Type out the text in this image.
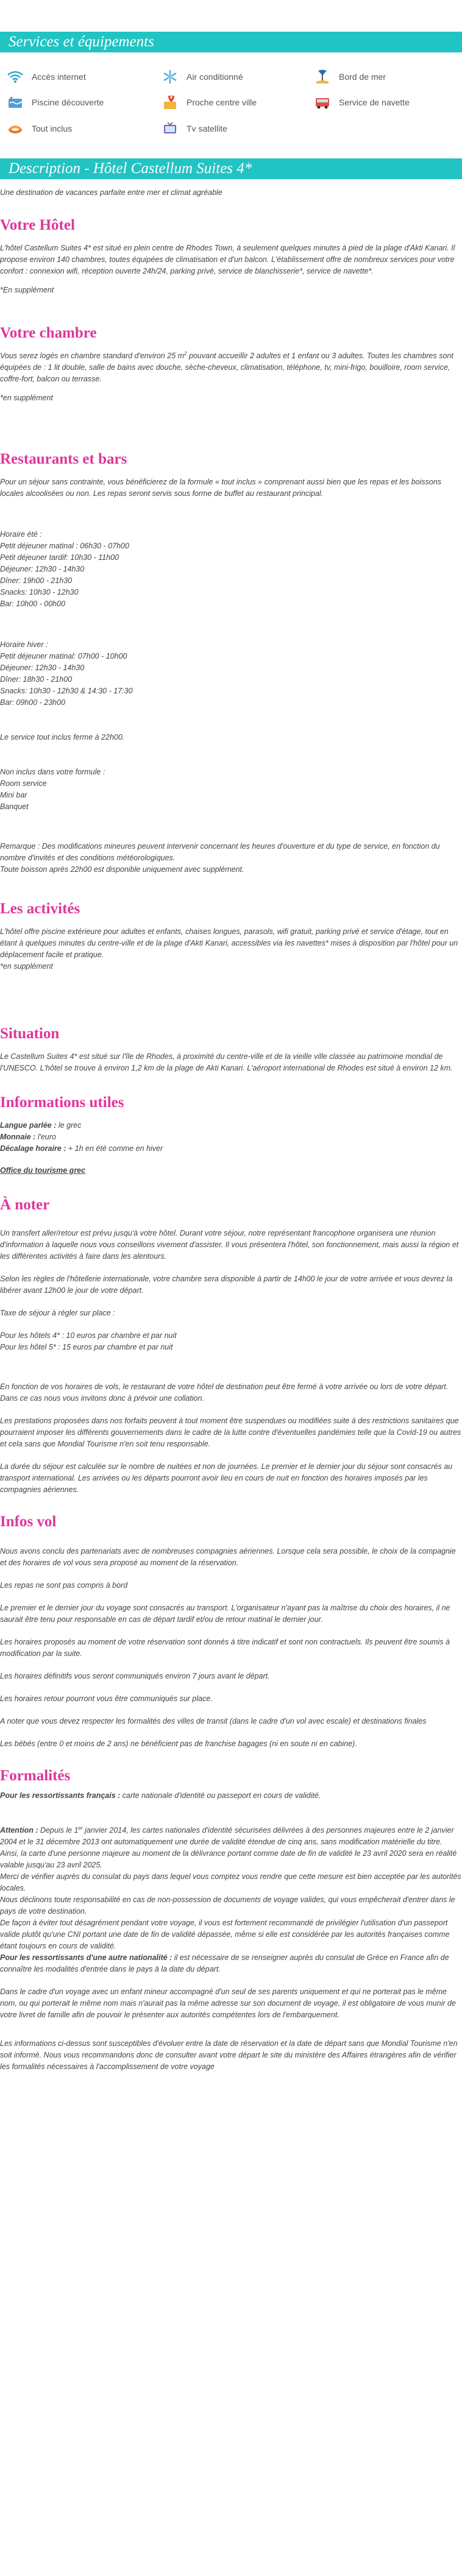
Services et équipements
Accès internet	Air conditionné	Bord de mer
Piscine découverte	Proche centre ville	Service de navette
Tout inclus	Tv satellite
Description - Hôtel Castellum Suites 4*

Une destination de vacances parfaite entre mer et climat agréable

Votre Hôtel

L'hôtel Castellum Suites 4* est situé en plein centre de Rhodes Town, à seulement quelques minutes à pied de la plage d'Akti Kanari. Il propose environ 140 chambres, toutes équipées de climatisation et d'un balcon. L'établissement offre de nombreux services pour votre confort : connexion wifi, réception ouverte 24h/24, parking privé, service de blanchisserie*, service de navette*.

*En supplément

Votre chambre

Vous serez logés en chambre standard d'environ 25 $m^2$ pouvant accueillir 2 adultes et 1 enfant ou 3 adultes. Toutes les chambres sont équipées de : 1 lit double, salle de bains avec douche, sèche-cheveux, climatisation, téléphone, tv, mini-frigo, bouilloire, room service, coffre-fort, balcon ou terrasse.

*en supplément

Restaurants et bars

Pour un séjour sans contrainte, vous bénéficierez de la formule « tout inclus » comprenant aussi bien que les repas et les boissons locales alcoolisées ou non. Les repas seront servis sous forme de buffet au restaurant principal.

Horaire été :

Petit déjeuner matinal : 06h30 - 07h00

Petit déjeuner tardif: 10h30 - 11h00

Déjeuner: 12h30 - 14h30

Dîner: 19h00 - 21h30

Snacks: 10h30 - 12h30

Bar: 10h00 - 00h00

Horaire hiver :

Petit déjeuner matinal: 07h00 - 10h00

Déjeuner: 12h30 - 14h30

Dîner: 18h30 - 21h00

Snacks: 10h30 - 12h30 & 14:30 - 17:30

Bar: 09h00 - 23h00

Le service tout inclus ferme à 22h00.

Non inclus dans votre formule :

Room service

Mini bar

Banquet

Remarque : Des modifications mineures peuvent intervenir concernant les heures d'ouverture et du type de service, en fonction du nombre d'invités et des conditions météorologiques.

Toute boisson après 22h00 est disponible uniquement avec supplément.

Les activités

L'hôtel offre piscine extérieure pour adultes et enfants, chaises longues, parasols, wifi gratuit, parking privé et service d'étage, tout en étant à quelques minutes du centre-ville et de la plage d'Akti Kanari, accessibles via les navettes* mises à disposition par l'hôtel pour un déplacement facile et pratique.

*en supplément

Situation

Le Castellum Suites 4* est situé sur l'île de Rhodes, à proximité du centre-ville et de la vieille ville classée au patrimoine mondial de l'UNESCO. L'hôtel se trouve à environ 1,2 km de la plage de Akti Kanari. L'aéroport international de Rhodes est situé à environ 12 km.

Informations utiles

Langue parlée : le grec

Monnaie : l'euro

Décalage horaire : + 1h en été comme en hiver

Office du tourisme grec

À noter

Un transfert aller/retour est prévu jusqu'à votre hôtel. Durant votre séjour, notre représentant francophone organisera une réunion d'information à laquelle nous vous conseillons vivement d'assister. Il vous présentera l'hôtel, son fonctionnement, mais aussi la région et les différentes activités à faire dans les alentours.

Selon les règles de l'hôtellerie internationale, votre chambre sera disponible à partir de 14h00 le jour de votre arrivée et vous devrez la libérer avant 12h00 le jour de votre départ.

Taxe de séjour à régler sur place :

Pour les hôtels 4* : 10 euros par chambre et par nuit

Pour les hôtel 5* : 15 euros par chambre et par nuit

En fonction de vos horaires de vols, le restaurant de votre hôtel de destination peut être fermé à votre arrivée ou lors de votre départ. Dans ce cas nous vous invitons donc à prévoir une collation.

Les prestations proposées dans nos forfaits peuvent à tout moment être suspendues ou modifiées suite à des restrictions sanitaires que pourraient imposer les différents gouvernements dans le cadre de la lutte contre d'éventuelles pandémies telle que la Covid-19 ou autres et cela sans que Mondial Tourisme n'en soit tenu responsable.

La durée du séjour est calculée sur le nombre de nuitées et non de journées. Le premier et le dernier jour du séjour sont consacrés au transport international. Les arrivées ou les départs pourront avoir lieu en cours de nuit en fonction des horaires imposés par les compagnies aériennes.

Infos vol

Nous avons conclu des partenariats avec de nombreuses compagnies aériennes. Lorsque cela sera possible, le choix de la compagnie et des horaires de vol vous sera proposé au moment de la réservation.

Les repas ne sont pas compris à bord

Le premier et le dernier jour du voyage sont consacrés au transport. L'organisateur n'ayant pas la maîtrise du choix des horaires, il ne saurait être tenu pour responsable en cas de départ tardif et/ou de retour matinal le dernier jour.

Les horaires proposés au moment de votre réservation sont donnés à titre indicatif et sont non contractuels. Ils peuvent être soumis à modification par la suite.

Les horaires définitifs vous seront communiqués environ 7 jours avant le départ.

Les horaires retour pourront vous être communiqués sur place.

A noter que vous devez respecter les formalités des villes de transit (dans le cadre d'un vol avec escale) et destinations finales

Les bébés (entre 0 et moins de 2 ans) ne bénéficient pas de franchise bagages (ni en soute ni en cabine).

Formalités

Pour les ressortissants français : carte nationale d'identité ou passeport en cours de validité.

Attention : Depuis le 1er janvier 2014, les cartes nationales d'identité sécurisées délivrées à des personnes majeures entre le 2 janvier 2004 et le 31 décembre 2013 ont automatiquement une durée de validité étendue de cinq ans, sans modification matérielle du titre. Ainsi, la carte d'une personne majeure au moment de la délivrance portant comme date de fin de validité le 23 avril 2020 sera en réalité valable jusqu'au 23 avril 2025.

Merci de vérifier auprès du consulat du pays dans lequel vous comptez vous rendre que cette mesure est bien acceptée par les autorités locales.

Nous déclinons toute responsabilité en cas de non-possession de documents de voyage valides, qui vous empêcherait d'entrer dans le pays de votre destination.

De façon à éviter tout désagrément pendant votre voyage, il vous est fortement recommandé de privilégier l'utilisation d'un passeport valide plutôt qu'une CNI portant une date de fin de validité dépassée, même si elle est considérée par les autorités françaises comme étant toujours en cours de validité.

Pour les ressortissants d'une autre nationalité : il est nécessaire de se renseigner auprès du consulat de Grèce en France afin de connaître les modalités d'entrée dans le pays à la date du départ.

Dans le cadre d'un voyage avec un enfant mineur accompagné d'un seul de ses parents uniquement et qui ne porterait pas le même nom, ou qui porterait le même nom mais n'aurait pas la même adresse sur son document de voyage, il est obligatoire de vous munir de votre livret de famille afin de pouvoir le présenter aux autorités compétentes lors de l'embarquement.

Les informations ci-dessus sont susceptibles d'évoluer entre la date de réservation et la date de départ sans que Mondial Tourisme n'en soit informé. Nous vous recommandons donc de consulter avant votre départ le site du ministère des Affaires étrangères afin de vérifier les formalités nécessaires à l'accomplissement de votre voyage
